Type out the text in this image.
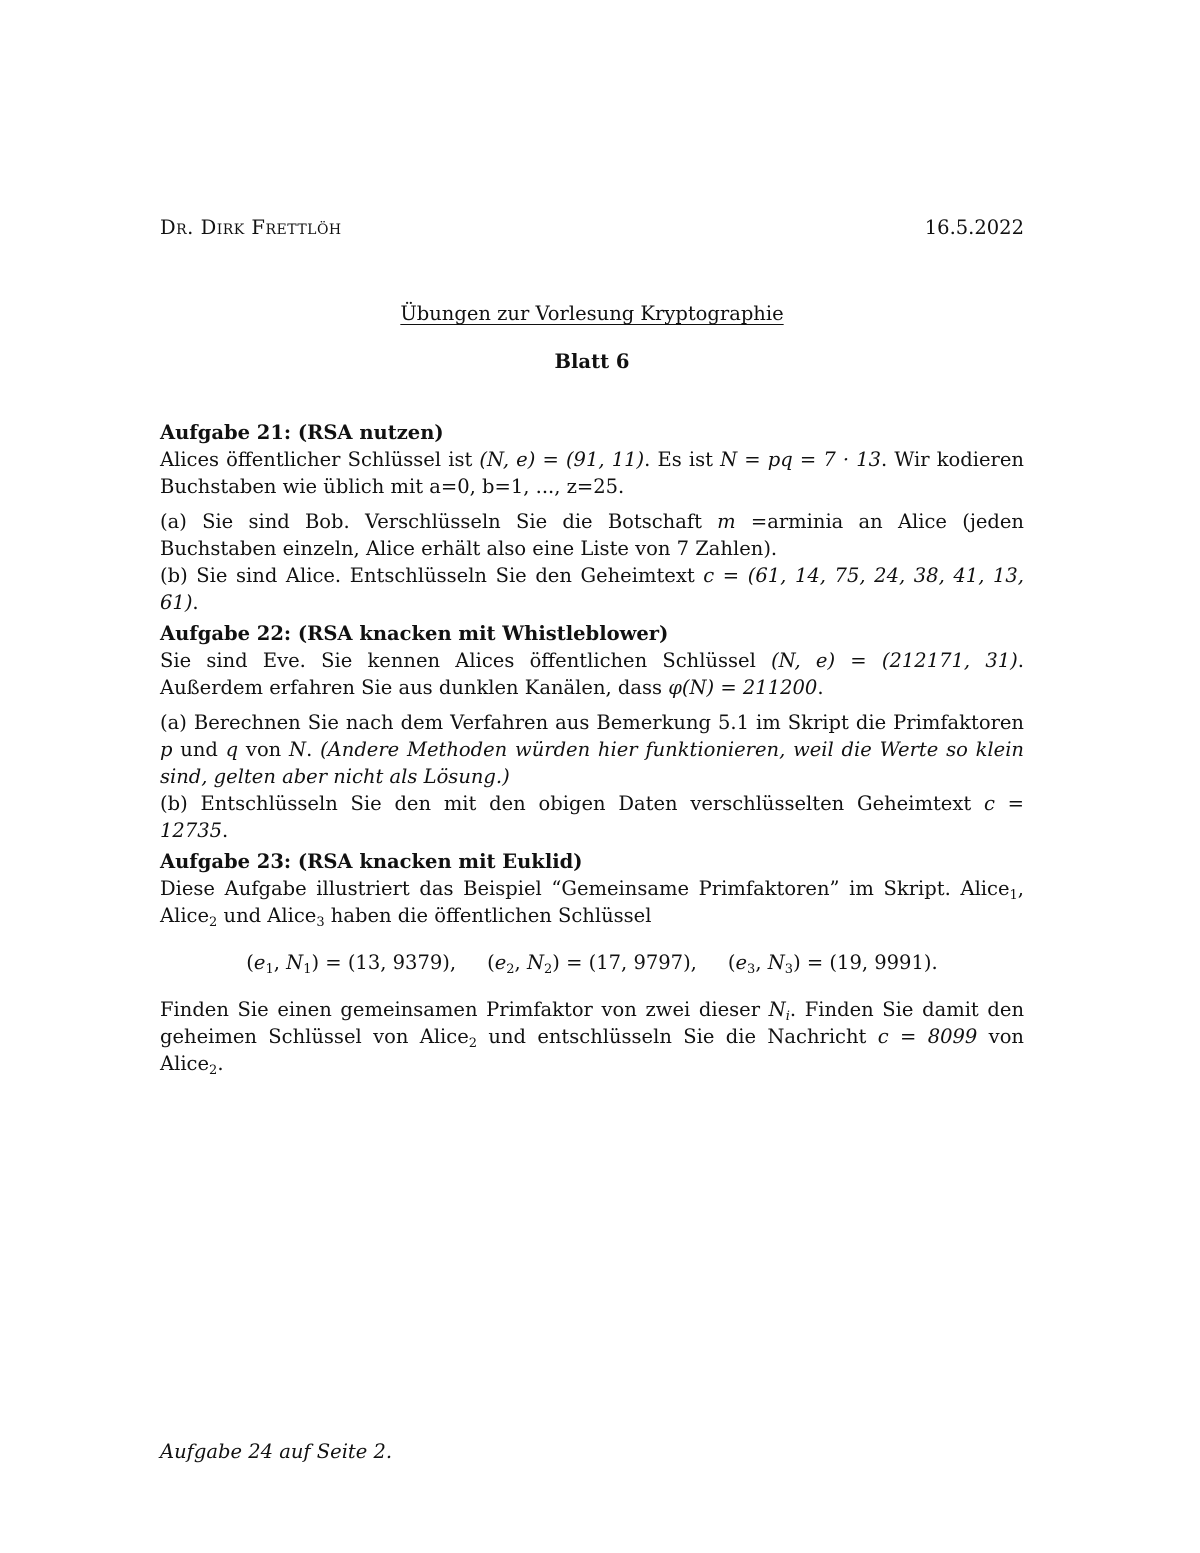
Dr. Dirk Frettlöh	16.5.2022
Übungen zur Vorlesung Kryptographie
Blatt 6
Aufgabe 21: (RSA nutzen)

Alices öffentlicher Schlüssel ist (N, e) = (91, 11). Es ist N = pq = 7 · 13. Wir kodieren Buchstaben wie üblich mit a=0, b=1, ..., z=25.

(a) Sie sind Bob. Verschlüsseln Sie die Botschaft m =arminia an Alice (jeden Buchstaben einzeln, Alice erhält also eine Liste von 7 Zahlen).

(b) Sie sind Alice. Entschlüsseln Sie den Geheimtext c = (61, 14, 75, 24, 38, 41, 13, 61).

Aufgabe 22: (RSA knacken mit Whistleblower)

Sie sind Eve. Sie kennen Alices öffentlichen Schlüssel (N, e) = (212171, 31). Außerdem erfahren Sie aus dunklen Kanälen, dass φ(N) = 211200.

(a) Berechnen Sie nach dem Verfahren aus Bemerkung 5.1 im Skript die Primfaktoren p und q von N. (Andere Methoden würden hier funktionieren, weil die Werte so klein sind, gelten aber nicht als Lösung.)

(b) Entschlüsseln Sie den mit den obigen Daten verschlüsselten Geheimtext c = 12735.

Aufgabe 23: (RSA knacken mit Euklid)

Diese Aufgabe illustriert das Beispiel “Gemeinsame Primfaktoren” im Skript. Alice$_1$, Alice$_2$ und Alice$_3$ haben die öffentlichen Schlüssel

($e_1$, $N_1) = (13$, 9379), ($e_2$, $N_2) = (17$, 9797), ($e_3$, $N_3) = (19$, 9991).

Finden Sie einen gemeinsamen Primfaktor von zwei dieser $N_i$. Finden Sie damit den geheimen Schlüssel von Alice$_2$ und entschlüsseln Sie die Nachricht c = 8099 von Alice$_2$.

Aufgabe 24 auf Seite 2.
